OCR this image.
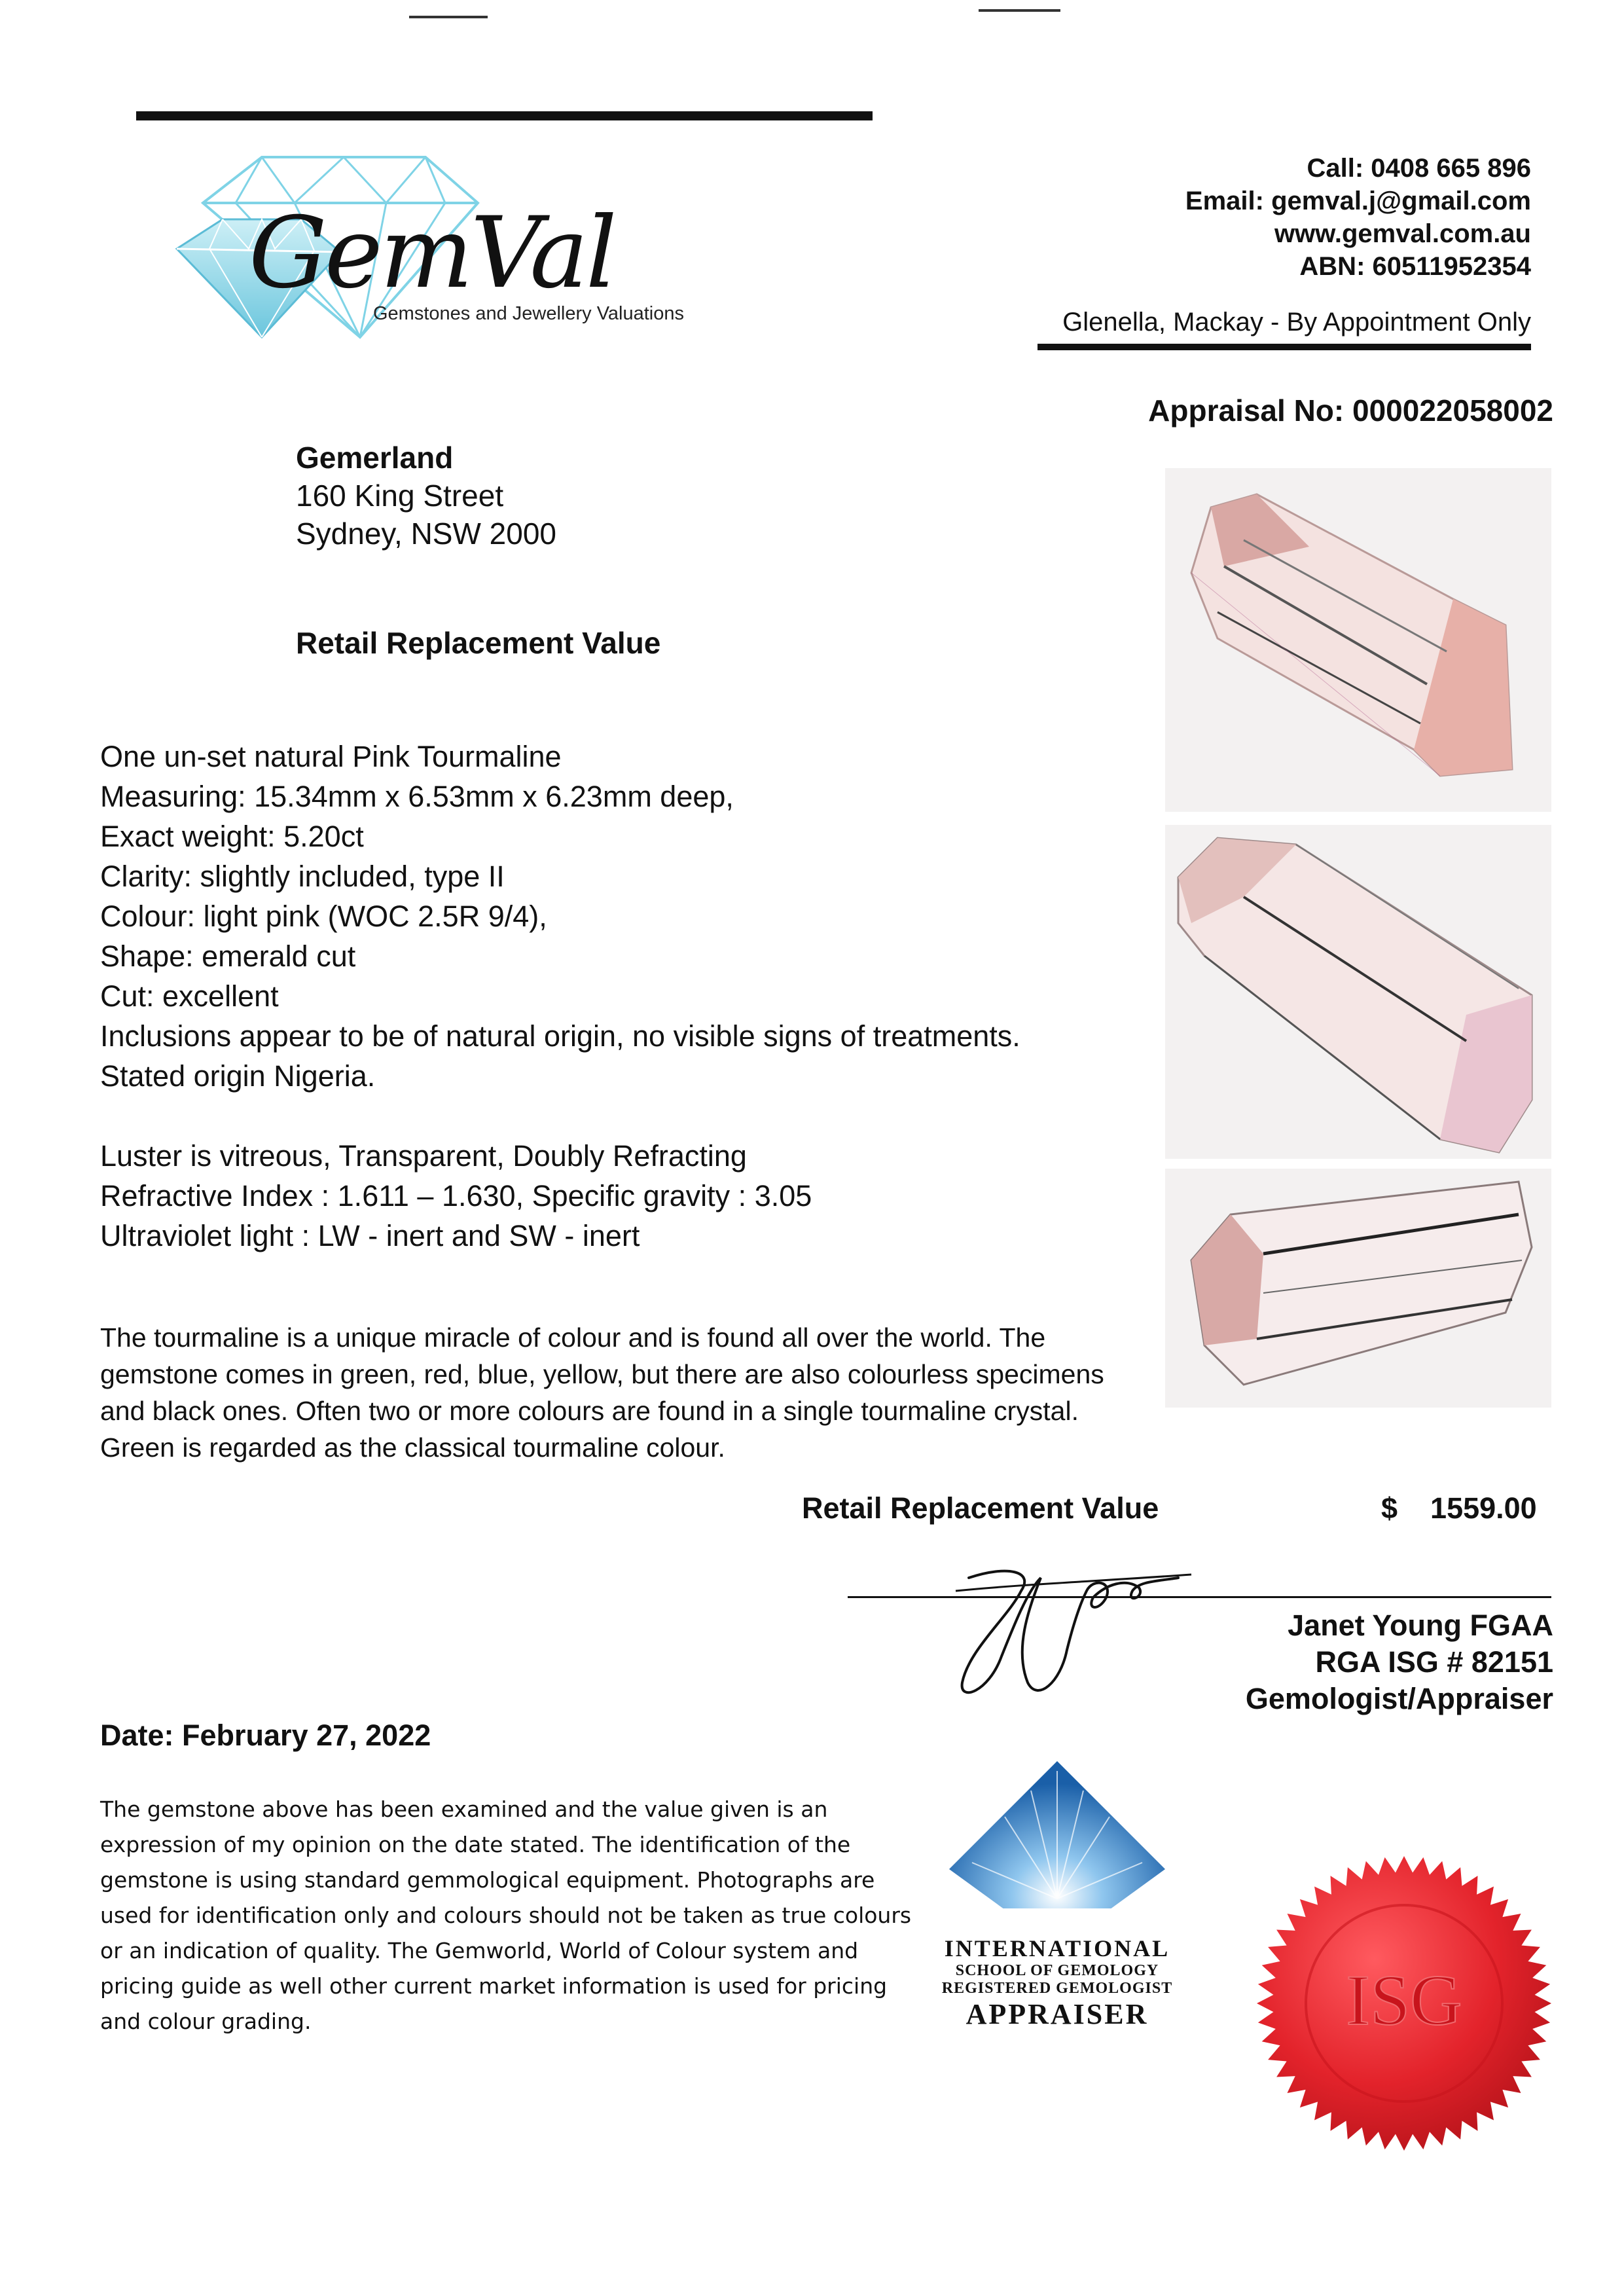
GemVal
Gemstones and Jewellery Valuations
Call: 0408 665 896
Email: gemval.j@gmail.com
www.gemval.com.au
ABN: 60511952354
Glenella, Mackay - By Appointment Only
Appraisal No: 000022058002
Gemerland
160 King Street
Sydney, NSW 2000
Retail Replacement Value
One un-set natural Pink Tourmaline
Measuring: 15.34mm x 6.53mm x 6.23mm deep,
Exact weight: 5.20ct
Clarity: slightly included, type II
Colour: light pink (WOC 2.5R 9/4),
Shape: emerald cut
Cut: excellent
Inclusions appear to be of natural origin, no visible signs of treatments.
Stated origin Nigeria.
Luster is vitreous, Transparent, Doubly Refracting
Refractive Index : 1.611 – 1.630, Specific gravity : 3.05
Ultraviolet light : LW - inert and SW - inert
The tourmaline is a unique miracle of colour and is found all over the world. The gemstone comes in green, red, blue, yellow, but there are also colourless specimens and black ones. Often two or more colours are found in a single tourmaline crystal. Green is regarded as the classical tourmaline colour.
Retail Replacement Value	$ 1559.00
Janet Young FGAA
RGA ISG # 82151
Gemologist/Appraiser
Date: February 27, 2022
The gemstone above has been examined and the value given is an expression of my opinion on the date stated. The identification of the gemstone is using standard gemmological equipment. Photographs are used for identification only and colours should not be taken as true colours or an indication of quality. The Gemworld, World of Colour system and pricing guide as well other current market information is used for pricing and colour grading.
INTERNATIONAL
SCHOOL OF GEMOLOGY
REGISTERED GEMOLOGIST
APPRAISER	ISG
